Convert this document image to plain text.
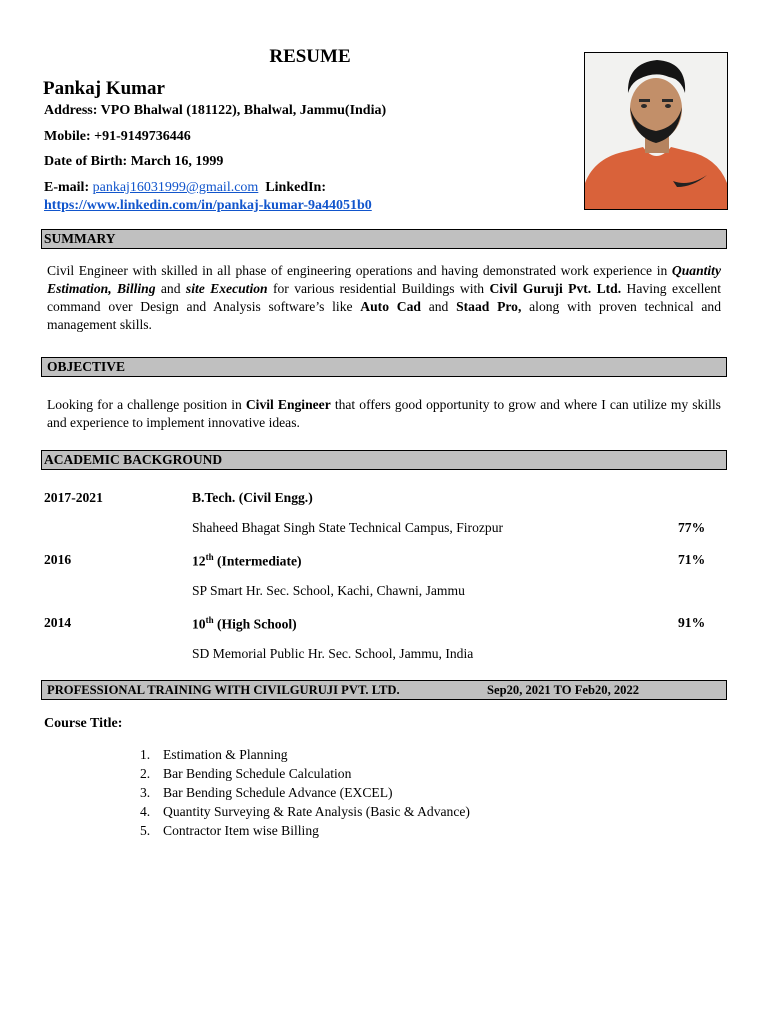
RESUME
Pankaj Kumar
Address: VPO Bhalwal (181122), Bhalwal, Jammu(India)
Mobile: +91-9149736446
Date of Birth: March 16, 1999
E-mail: pankaj16031999@gmail.com LinkedIn:
https://www.linkedin.com/in/pankaj-kumar-9a44051b0
SUMMARY
Civil Engineer with skilled in all phase of engineering operations and having demonstrated work experience in Quantity Estimation, Billing and site Execution for various residential Buildings with Civil Guruji Pvt. Ltd. Having excellent command over Design and Analysis software’s like Auto Cad and Staad Pro, along with proven technical and management skills.
OBJECTIVE
Looking for a challenge position in Civil Engineer that offers good opportunity to grow and where I can utilize my skills and experience to implement innovative ideas.
ACADEMIC BACKGROUND
2017-2021	B.Tech. (Civil Engg.)
Shaheed Bhagat Singh State Technical Campus, Firozpur	77%
2016	12th (Intermediate)	71%
SP Smart Hr. Sec. School, Kachi, Chawni, Jammu
2014	10th (High School)	91%
SD Memorial Public Hr. Sec. School, Jammu, India
PROFESSIONAL TRAINING WITH CIVILGURUJI PVT. LTD.	Sep20, 2021 TO Feb20, 2022
Course Title:
1. Estimation & Planning
2. Bar Bending Schedule Calculation
3. Bar Bending Schedule Advance (EXCEL)
4. Quantity Surveying & Rate Analysis (Basic & Advance)
5. Contractor Item wise Billing
